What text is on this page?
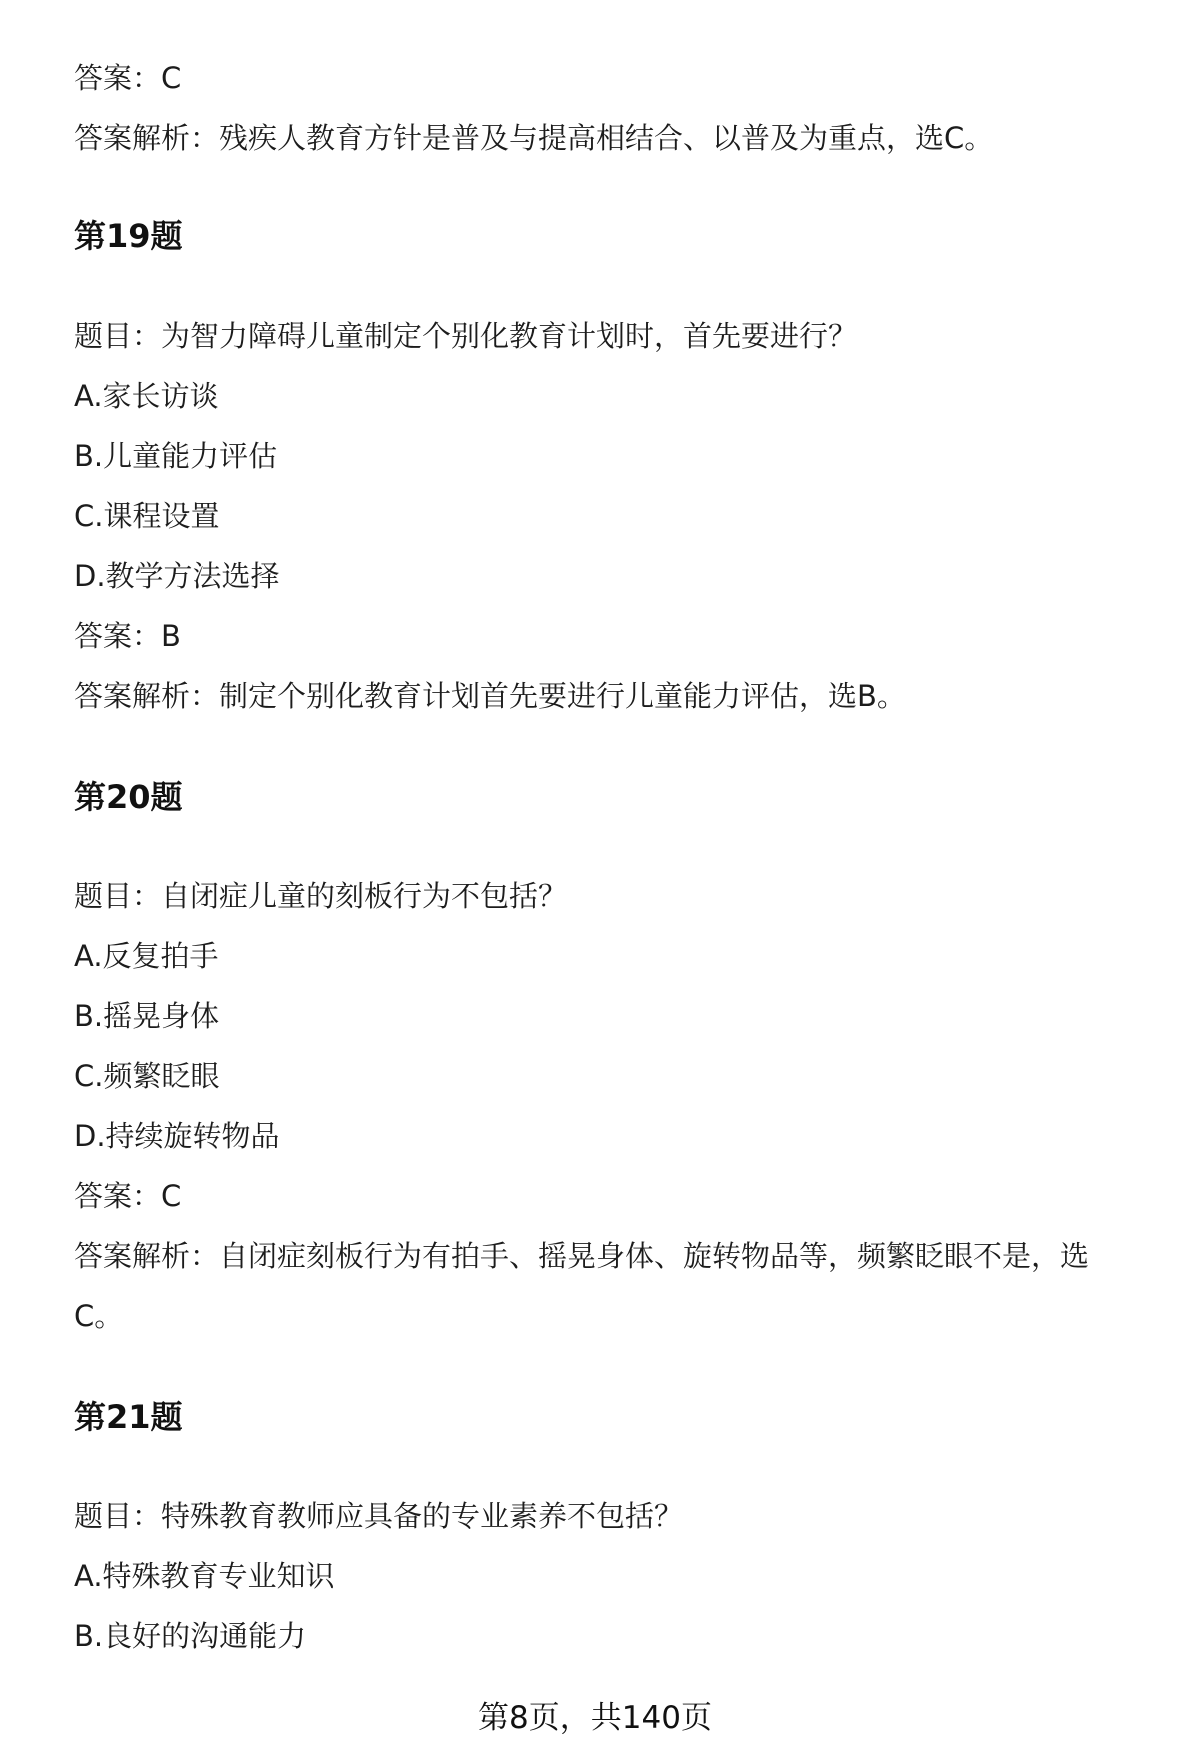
答案：C
答案解析：残疾人教育方针是普及与提高相结合、以普及为重点，选C。
第19题
题目：为智力障碍儿童制定个别化教育计划时，首先要进行？
A.家长访谈
B.儿童能力评估
C.课程设置
D.教学方法选择
答案：B
答案解析：制定个别化教育计划首先要进行儿童能力评估，选B。
第20题
题目：自闭症儿童的刻板行为不包括？
A.反复拍手
B.摇晃身体
C.频繁眨眼
D.持续旋转物品
答案：C
答案解析：自闭症刻板行为有拍手、摇晃身体、旋转物品等，频繁眨眼不是，选
C。
第21题
题目：特殊教育教师应具备的专业素养不包括？
A.特殊教育专业知识
B.良好的沟通能力
第8页，共140页
